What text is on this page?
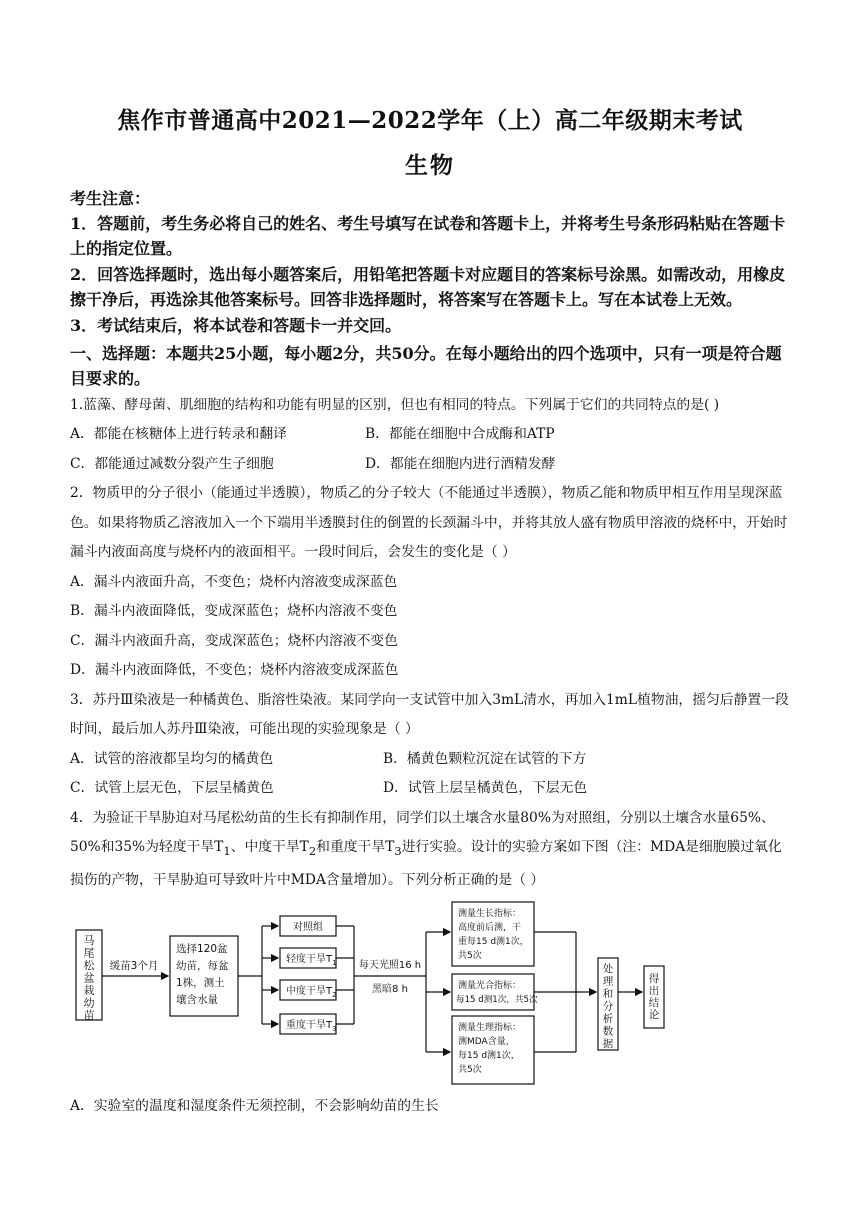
焦作市普通高中2021—2022学年（上）高二年级期末考试
生物
考生注意：
1．答题前，考生务必将自己的姓名、考生号填写在试卷和答题卡上，并将考生号条形码粘贴在答题卡上的指定位置。
2．回答选择题时，选出每小题答案后，用铅笔把答题卡对应题目的答案标号涂黑。如需改动，用橡皮擦干净后，再选涂其他答案标号。回答非选择题时，将答案写在答题卡上。写在本试卷上无效。
3．考试结束后，将本试卷和答题卡一并交回。
一、选择题：本题共25小题，每小题2分，共50分。在每小题给出的四个选项中，只有一项是符合题目要求的。
1.蓝藻、酵母菌、肌细胞的结构和功能有明显的区别，但也有相同的特点。下列属于它们的共同特点的是( )
A．都能在核糖体上进行转录和翻译	B．都能在细胞中合成酶和ATP
C．都能通过减数分裂产生子细胞	D．都能在细胞内进行酒精发酵
2．物质甲的分子很小（能通过半透膜），物质乙的分子较大（不能通过半透膜），物质乙能和物质甲相互作用呈现深蓝色。如果将物质乙溶液加入一个下端用半透膜封住的倒置的长颈漏斗中，并将其放人盛有物质甲溶液的烧杯中，开始时漏斗内液面高度与烧杯内的液面相平。一段时间后，会发生的变化是（ ）
A．漏斗内液面升高，不变色；烧杯内溶液变成深蓝色
B．漏斗内液面降低，变成深蓝色；烧杯内溶液不变色
C．漏斗内液面升高，变成深蓝色；烧杯内溶液不变色
D．漏斗内液面降低，不变色；烧杯内溶液变成深蓝色
3．苏丹Ⅲ染液是一种橘黄色、脂溶性染液。某同学向一支试管中加入3mL清水，再加入1mL植物油，摇匀后静置一段时间，最后加人苏丹Ⅲ染液，可能出现的实验现象是（ ）
A．试管的溶液都呈均匀的橘黄色	B．橘黄色颗粒沉淀在试管的下方
C．试管上层无色，下层呈橘黄色	D．试管上层呈橘黄色，下层无色
4．为验证干旱胁迫对马尾松幼苗的生长有抑制作用，同学们以土壤含水量80%为对照组，分别以土壤含水量65%、50%和35%为轻度干旱$T_1$、中度干旱$T_2$和重度干旱$T_3$进行实验。设计的实验方案如下图（注：MDA是细胞膜过氧化损伤的产物，干旱胁迫可导致叶片中MDA含量增加）。下列分析正确的是（ ）
马尾松盆栽幼苗
缓苗3个月
选择120盆
幼苗，每盆
1株，测土
壤含水量
对照组
轻度干旱$T_1$
中度干旱$T_2$
重度干旱$T_3$
每天光照16 h
黑暗8 h
测量生长指标：
高度前后测，干
重每15 d测1次，
共5次
测量光合指标：
每15 d测1次，共5次
测量生理指标：
测MDA含量，
每15 d测1次，
共5次
处理和分析数据
得出结论
A．实验室的温度和湿度条件无须控制，不会影响幼苗的生长
